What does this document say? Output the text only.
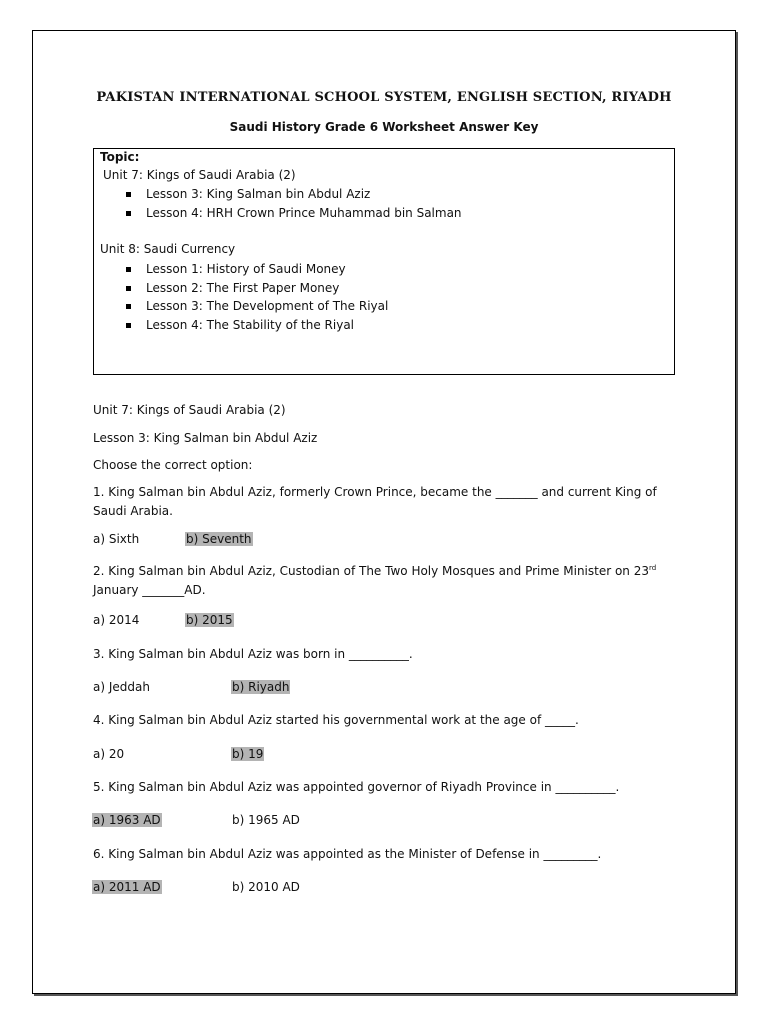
PAKISTAN INTERNATIONAL SCHOOL SYSTEM, ENGLISH SECTION, RIYADH
Saudi History Grade 6 Worksheet Answer Key
Topic:
Unit 7: Kings of Saudi Arabia (2)
Lesson 3: King Salman bin Abdul Aziz
Lesson 4: HRH Crown Prince Muhammad bin Salman
Unit 8: Saudi Currency
Lesson 1: History of Saudi Money
Lesson 2: The First Paper Money
Lesson 3: The Development of The Riyal
Lesson 4: The Stability of the Riyal
Unit 7: Kings of Saudi Arabia (2)
Lesson 3: King Salman bin Abdul Aziz
Choose the correct option:
1. King Salman bin Abdul Aziz, formerly Crown Prince, became the _______ and current King of Saudi Arabia.
a) Sixth	b) Seventh
2. King Salman bin Abdul Aziz, Custodian of The Two Holy Mosques and Prime Minister on 23rd January _______AD.
a) 2014	b) 2015
3. King Salman bin Abdul Aziz was born in __________.
a) Jeddah	b) Riyadh
4. King Salman bin Abdul Aziz started his governmental work at the age of _____.
a) 20	b) 19
5. King Salman bin Abdul Aziz was appointed governor of Riyadh Province in __________.
a) 1963 AD	b) 1965 AD
6. King Salman bin Abdul Aziz was appointed as the Minister of Defense in _________.
a) 2011 AD	b) 2010 AD
